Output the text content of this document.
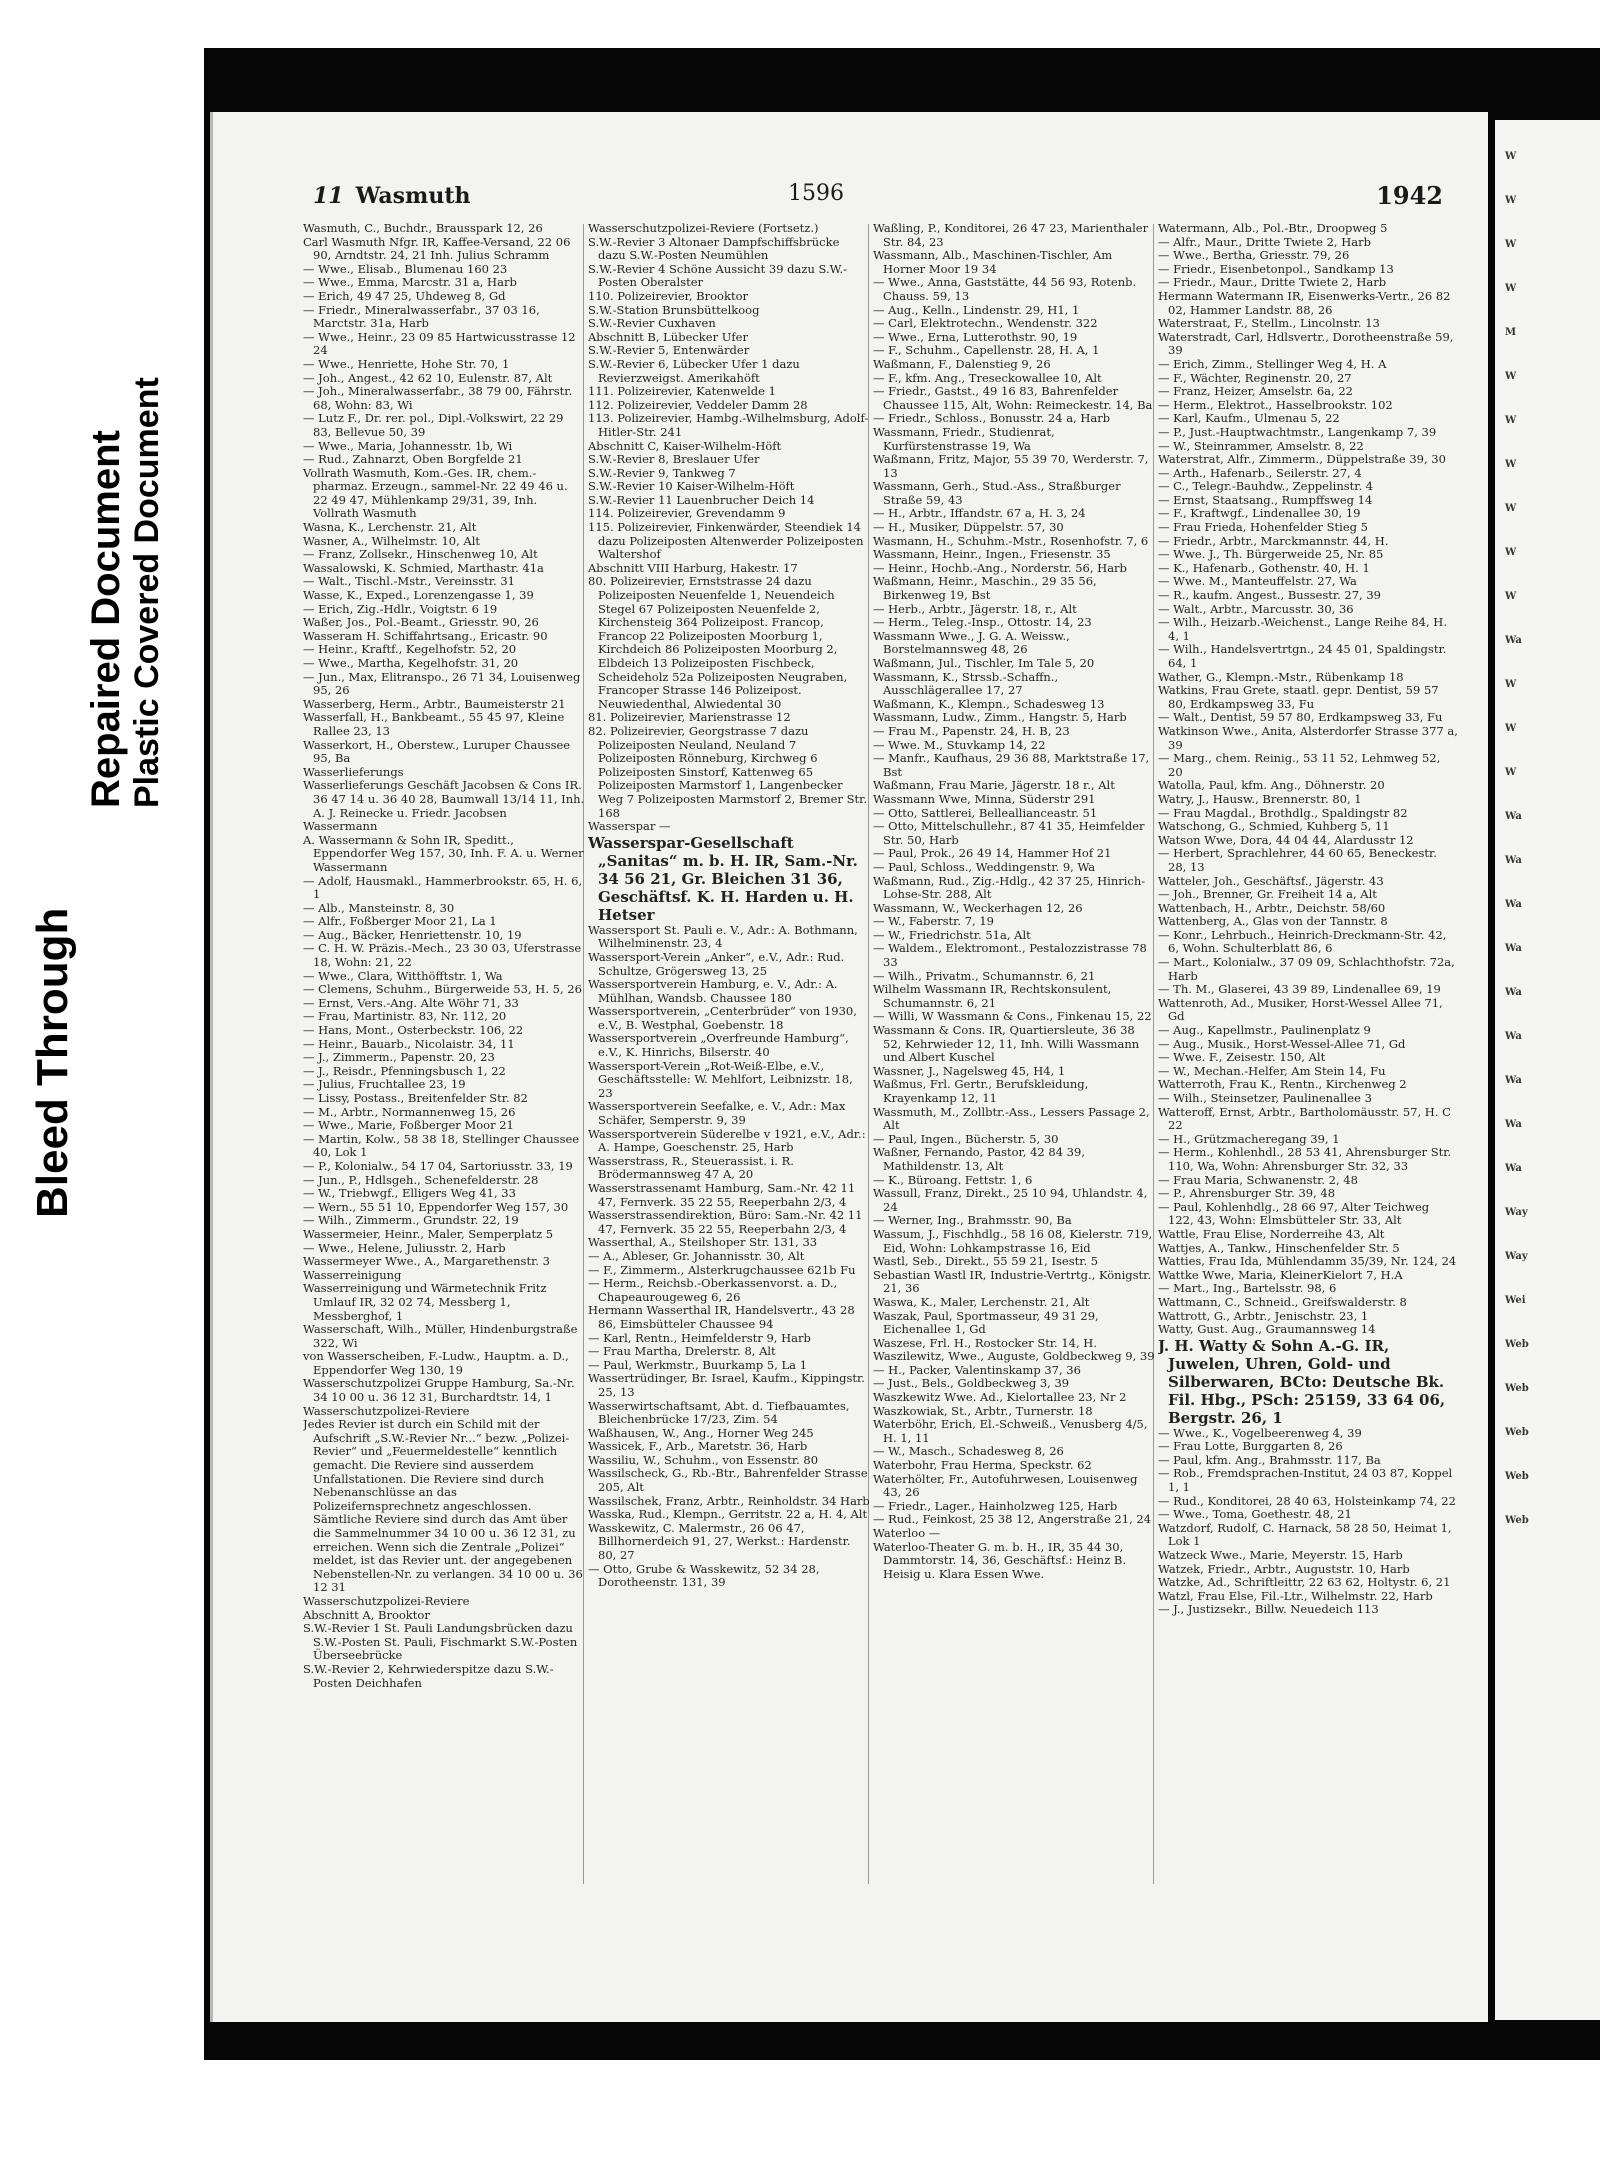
Bleed Through
Repaired Document Plastic Covered Document
11 Wasmuth	1596	1942

Wasmuth, C., Buchdr., Brausspark 12, 26

Carl Wasmuth Nfgr. IR, Kaffee-Versand, 22 06 90, Arndtstr. 24, 21 Inh. Julius Schramm

— Wwe., Elisab., Blumenau 160 23

— Wwe., Emma, Marcstr. 31 a, Harb

— Erich, 49 47 25, Uhdeweg 8, Gd

— Friedr., Mineralwasserfabr., 37 03 16, Marctstr. 31a, Harb

— Wwe., Heinr., 23 09 85 Hartwicusstrasse 12 24

— Wwe., Henriette, Hohe Str. 70, 1

— Joh., Angest., 42 62 10, Eulenstr. 87, Alt

— Joh., Mineralwasserfabr., 38 79 00, Fährstr. 68, Wohn: 83, Wi

— Lutz F., Dr. rer. pol., Dipl.-Volkswirt, 22 29 83, Bellevue 50, 39

— Wwe., Maria, Johannesstr. 1b, Wi

— Rud., Zahnarzt, Oben Borgfelde 21

Vollrath Wasmuth, Kom.-Ges. IR, chem.-pharmaz. Erzeugn., sammel-Nr. 22 49 46 u. 22 49 47, Mühlenkamp 29/31, 39, Inh. Vollrath Wasmuth

Wasna, K., Lerchenstr. 21, Alt

Wasner, A., Wilhelmstr. 10, Alt

— Franz, Zollsekr., Hinschenweg 10, Alt

Wassalowski, K. Schmied, Marthastr. 41a

— Walt., Tischl.-Mstr., Vereinsstr. 31

Wasse, K., Exped., Lorenzengasse 1, 39

— Erich, Zig.-Hdlr., Voigtstr. 6 19

Waßer, Jos., Pol.-Beamt., Griesstr. 90, 26

Wasseram H. Schiffahrtsang., Ericastr. 90

— Heinr., Kraftf., Kegelhofstr. 52, 20

— Wwe., Martha, Kegelhofstr. 31, 20

— Jun., Max, Elitranspo., 26 71 34, Louisenweg 95, 26

Wasserberg, Herm., Arbtr., Baumeisterstr 21

Wasserfall, H., Bankbeamt., 55 45 97, Kleine Rallee 23, 13

Wasserkort, H., Oberstew., Luruper Chaussee 95, Ba

Wasserlieferungs

Wasserlieferungs Geschäft Jacobsen & Cons IR. 36 47 14 u. 36 40 28, Baumwall 13/14 11, Inh. A. J. Reinecke u. Friedr. Jacobsen

Wassermann

A. Wassermann & Sohn IR, Speditt., Eppendorfer Weg 157, 30, Inh. F. A. u. Werner Wassermann

— Adolf, Hausmakl., Hammerbrookstr. 65, H. 6, 1

— Alb., Mansteinstr. 8, 30

— Alfr., Foßberger Moor 21, La 1

— Aug., Bäcker, Henriettenstr. 10, 19

— C. H. W. Präzis.-Mech., 23 30 03, Uferstrasse 18, Wohn: 21, 22

— Wwe., Clara, Witthöfftstr. 1, Wa

— Clemens, Schuhm., Bürgerweide 53, H. 5, 26

— Ernst, Vers.-Ang. Alte Wöhr 71, 33

— Frau, Martinistr. 83, Nr. 112, 20

— Hans, Mont., Osterbeckstr. 106, 22

— Heinr., Bauarb., Nicolaistr. 34, 11

— J., Zimmerm., Papenstr. 20, 23

— J., Reisdr., Pfenningsbusch 1, 22

— Julius, Fruchtallee 23, 19

— Lissy, Postass., Breitenfelder Str. 82

— M., Arbtr., Normannenweg 15, 26

— Wwe., Marie, Foßberger Moor 21

— Martin, Kolw., 58 38 18, Stellinger Chaussee 40, Lok 1

— P., Kolonialw., 54 17 04, Sartoriusstr. 33, 19

— Jun., P., Hdlsgeh., Schenefelderstr. 28

— W., Triebwgf., Elligers Weg 41, 33

— Wern., 55 51 10, Eppendorfer Weg 157, 30

— Wilh., Zimmerm., Grundstr. 22, 19

Wassermeier, Heinr., Maler, Semperplatz 5

— Wwe., Helene, Juliusstr. 2, Harb

Wassermeyer Wwe., A., Margarethenstr. 3

Wasserreinigung

Wasserreinigung und Wärmetechnik Fritz Umlauf IR, 32 02 74, Messberg 1, Messberghof, 1

Wasserschaft, Wilh., Müller, Hindenburgstraße 322, Wi

von Wasserscheiben, F.-Ludw., Hauptm. a. D., Eppendorfer Weg 130, 19

Wasserschutzpolizei Gruppe Hamburg, Sa.-Nr. 34 10 00 u. 36 12 31, Burchardtstr. 14, 1

Wasserschutzpolizei-Reviere

Jedes Revier ist durch ein Schild mit der Aufschrift „S.W.-Revier Nr...“ bezw. „Polizei-Revier“ und „Feuermeldestelle“ kenntlich gemacht. Die Reviere sind ausserdem Unfallstationen. Die Reviere sind durch Nebenanschlüsse an das Polizeifernsprechnetz angeschlossen. Sämtliche Reviere sind durch das Amt über die Sammelnummer 34 10 00 u. 36 12 31, zu erreichen. Wenn sich die Zentrale „Polizei“ meldet, ist das Revier unt. der angegebenen Nebenstellen-Nr. zu verlangen. 34 10 00 u. 36 12 31

Wasserschutzpolizei-Reviere

Abschnitt A, Brooktor

S.W.-Revier 1 St. Pauli Landungsbrücken dazu S.W.-Posten St. Pauli, Fischmarkt S.W.-Posten Überseebrücke

S.W.-Revier 2, Kehrwiederspitze dazu S.W.-Posten Deichhafen

Wasserschutzpolizei-Reviere (Fortsetz.)

S.W.-Revier 3 Altonaer Dampfschiffsbrücke dazu S.W.-Posten Neumühlen

S.W.-Revier 4 Schöne Aussicht 39 dazu S.W.-Posten Oberalster

110. Polizeirevier, Brooktor

S.W.-Station Brunsbüttelkoog

S.W.-Revier Cuxhaven

Abschnitt B, Lübecker Ufer

S.W.-Revier 5, Entenwärder

S.W.-Revier 6, Lübecker Ufer 1 dazu Revierzweigst. Amerikahöft

111. Polizeirevier, Katenwelde 1

112. Polizeirevier, Veddeler Damm 28

113. Polizeirevier, Hambg.-Wilhelmsburg, Adolf-Hitler-Str. 241

Abschnitt C, Kaiser-Wilhelm-Höft

S.W.-Revier 8, Breslauer Ufer

S.W.-Revier 9, Tankweg 7

S.W.-Revier 10 Kaiser-Wilhelm-Höft

S.W.-Revier 11 Lauenbrucher Deich 14

114. Polizeirevier, Grevendamm 9

115. Polizeirevier, Finkenwärder, Steendiek 14 dazu Polizeiposten Altenwerder Polizeiposten Waltershof

Abschnitt VIII Harburg, Hakestr. 17

80. Polizeirevier, Ernststrasse 24 dazu Polizeiposten Neuenfelde 1, Neuendeich Stegel 67 Polizeiposten Neuenfelde 2, Kirchensteig 364 Polizeipost. Francop, Francop 22 Polizeiposten Moorburg 1, Kirchdeich 86 Polizeiposten Moorburg 2, Elbdeich 13 Polizeiposten Fischbeck, Scheideholz 52a Polizeiposten Neugraben, Francoper Strasse 146 Polizeipost. Neuwiedenthal, Alwiedental 30

81. Polizeirevier, Marienstrasse 12

82. Polizeirevier, Georgstrasse 7 dazu Polizeiposten Neuland, Neuland 7 Polizeiposten Rönneburg, Kirchweg 6 Polizeiposten Sinstorf, Kattenweg 65 Polizeiposten Marmstorf 1, Langenbecker Weg 7 Polizeiposten Marmstorf 2, Bremer Str. 168

Wasserspar —

Wasserspar-Gesellschaft „Sanitas“ m. b. H. IR, Sam.-Nr. 34 56 21, Gr. Bleichen 31 36, Geschäftsf. K. H. Harden u. H. Hetser

Wassersport St. Pauli e. V., Adr.: A. Bothmann, Wilhelminenstr. 23, 4

Wassersport-Verein „Anker“, e.V., Adr.: Rud. Schultze, Grögersweg 13, 25

Wassersportverein Hamburg, e. V., Adr.: A. Mühlhan, Wandsb. Chaussee 180

Wassersportverein, „Centerbrüder“ von 1930, e.V., B. Westphal, Goebenstr. 18

Wassersportverein „Overfreunde Hamburg“, e.V., K. Hinrichs, Bilserstr. 40

Wassersport-Verein „Rot-Weiß-Elbe, e.V., Geschäftsstelle: W. Mehlfort, Leibnizstr. 18, 23

Wassersportverein Seefalke, e. V., Adr.: Max Schäfer, Semperstr. 9, 39

Wassersportverein Süderelbe v 1921, e.V., Adr.: A. Hampe, Goeschenstr. 25, Harb

Wasserstrass, R., Steuerassist. i. R. Brödermannsweg 47 A, 20

Wasserstrassenamt Hamburg, Sam.-Nr. 42 11 47, Fernverk. 35 22 55, Reeperbahn 2/3, 4

Wasserstrassendirektion, Büro: Sam.-Nr. 42 11 47, Fernverk. 35 22 55, Reeperbahn 2/3, 4

Wasserthal, A., Steilshoper Str. 131, 33

— A., Ableser, Gr. Johannisstr. 30, Alt

— F., Zimmerm., Alsterkrugchaussee 621b Fu

— Herm., Reichsb.-Oberkassenvorst. a. D., Chapeaurougeweg 6, 26

Hermann Wasserthal IR, Handelsvertr., 43 28 86, Eimsbütteler Chaussee 94

— Karl, Rentn., Heimfelderstr 9, Harb

— Frau Martha, Drelerstr. 8, Alt

— Paul, Werkmstr., Buurkamp 5, La 1

Wassertrüdinger, Br. Israel, Kaufm., Kippingstr. 25, 13

Wasserwirtschaftsamt, Abt. d. Tiefbauamtes, Bleichenbrücke 17/23, Zim. 54

Waßhausen, W., Ang., Horner Weg 245

Wassicek, F., Arb., Maretstr. 36, Harb

Wassiliu, W., Schuhm., von Essenstr. 80

Wassilscheck, G., Rb.-Btr., Bahrenfelder Strasse 205, Alt

Wassilschek, Franz, Arbtr., Reinholdstr. 34 Harb

Wasska, Rud., Klempn., Gerritstr. 22 a, H. 4, Alt

Wasskewitz, C. Malermstr., 26 06 47, Billhornerdeich 91, 27, Werkst.: Hardenstr. 80, 27

— Otto, Grube & Wasskewitz, 52 34 28, Dorotheenstr. 131, 39

Waßling, P., Konditorei, 26 47 23, Marienthaler Str. 84, 23

Wassmann, Alb., Maschinen-Tischler, Am Horner Moor 19 34

— Wwe., Anna, Gaststätte, 44 56 93, Rotenb. Chauss. 59, 13

— Aug., Kelln., Lindenstr. 29, H1, 1

— Carl, Elektrotechn., Wendenstr. 322

— Wwe., Erna, Lutterothstr. 90, 19

— F., Schuhm., Capellenstr. 28, H. A, 1

Waßmann, F., Dalenstieg 9, 26

— F., kfm. Ang., Treseckowallee 10, Alt

— Friedr., Gastst., 49 16 83, Bahrenfelder Chaussee 115, Alt, Wohn: Reimeckestr. 14, Ba

— Friedr., Schloss., Bonusstr. 24 a, Harb

Wassmann, Friedr., Studienrat, Kurfürstenstrasse 19, Wa

Waßmann, Fritz, Major, 55 39 70, Werderstr. 7, 13

Wassmann, Gerh., Stud.-Ass., Straßburger Straße 59, 43

— H., Arbtr., Iffandstr. 67 a, H. 3, 24

— H., Musiker, Düppelstr. 57, 30

Wasmann, H., Schuhm.-Mstr., Rosenhofstr. 7, 6

Wassmann, Heinr., Ingen., Friesenstr. 35

— Heinr., Hochb.-Ang., Norderstr. 56, Harb

Waßmann, Heinr., Maschin., 29 35 56, Birkenweg 19, Bst

— Herb., Arbtr., Jägerstr. 18, r., Alt

— Herm., Teleg.-Insp., Ottostr. 14, 23

Wassmann Wwe., J. G. A. Weissw., Borstelmannsweg 48, 26

Waßmann, Jul., Tischler, Im Tale 5, 20

Wassmann, K., Strssb.-Schaffn., Ausschlägerallee 17, 27

Waßmann, K., Klempn., Schadesweg 13

Wassmann, Ludw., Zimm., Hangstr. 5, Harb

— Frau M., Papenstr. 24, H. B, 23

— Wwe. M., Stuvkamp 14, 22

— Manfr., Kaufhaus, 29 36 88, Marktstraße 17, Bst

Waßmann, Frau Marie, Jägerstr. 18 r., Alt

Wassmann Wwe, Minna, Süderstr 291

— Otto, Sattlerei, Belleallianceastr. 51

— Otto, Mittelschullehr., 87 41 35, Heimfelder Str. 50, Harb

— Paul, Prok., 26 49 14, Hammer Hof 21

— Paul, Schloss., Weddingenstr. 9, Wa

Waßmann, Rud., Zig.-Hdlg., 42 37 25, Hinrich-Lohse-Str. 288, Alt

Wassmann, W., Weckerhagen 12, 26

— W., Faberstr. 7, 19

— W., Friedrichstr. 51a, Alt

— Waldem., Elektromont., Pestalozzistrasse 78 33

— Wilh., Privatm., Schumannstr. 6, 21

Wilhelm Wassmann IR, Rechtskonsulent, Schumannstr. 6, 21

— Willi, W Wassmann & Cons., Finkenau 15, 22

Wassmann & Cons. IR, Quartiersleute, 36 38 52, Kehrwieder 12, 11, Inh. Willi Wassmann und Albert Kuschel

Wassner, J., Nagelsweg 45, H4, 1

Waßmus, Frl. Gertr., Berufskleidung, Krayenkamp 12, 11

Wassmuth, M., Zollbtr.-Ass., Lessers Passage 2, Alt

— Paul, Ingen., Bücherstr. 5, 30

Waßner, Fernando, Pastor, 42 84 39, Mathildenstr. 13, Alt

— K., Büroang. Fettstr. 1, 6

Wassull, Franz, Direkt., 25 10 94, Uhlandstr. 4, 24

— Werner, Ing., Brahmsstr. 90, Ba

Wassum, J., Fischhdlg., 58 16 08, Kielerstr. 719, Eid, Wohn: Lohkampstrasse 16, Eid

Wastl, Seb., Direkt., 55 59 21, Isestr. 5

Sebastian Wastl IR, Industrie-Vertrtg., Königstr. 21, 36

Waswa, K., Maler, Lerchenstr. 21, Alt

Waszak, Paul, Sportmasseur, 49 31 29, Eichenallee 1, Gd

Waszese, Frl. H., Rostocker Str. 14, H.

Waszilewitz, Wwe., Auguste, Goldbeckweg 9, 39

— H., Packer, Valentinskamp 37, 36

— Just., Bels., Goldbeckweg 3, 39

Waszkewitz Wwe. Ad., Kielortallee 23, Nr 2

Waszkowiak, St., Arbtr., Turnerstr. 18

Waterböhr, Erich, El.-Schweiß., Venusberg 4/5, H. 1, 11

— W., Masch., Schadesweg 8, 26

Waterbohr, Frau Herma, Speckstr. 62

Waterhölter, Fr., Autofuhrwesen, Louisenweg 43, 26

— Friedr., Lager., Hainholzweg 125, Harb

— Rud., Feinkost, 25 38 12, Angerstraße 21, 24

Waterloo —

Waterloo-Theater G. m. b. H., IR, 35 44 30, Dammtorstr. 14, 36, Geschäftsf.: Heinz B. Heisig u. Klara Essen Wwe.

Watermann, Alb., Pol.-Btr., Droopweg 5

— Alfr., Maur., Dritte Twiete 2, Harb

— Wwe., Bertha, Griesstr. 79, 26

— Friedr., Eisenbetonpol., Sandkamp 13

— Friedr., Maur., Dritte Twiete 2, Harb

Hermann Watermann IR, Eisenwerks-Vertr., 26 82 02, Hammer Landstr. 88, 26

Waterstraat, F., Stellm., Lincolnstr. 13

Waterstradt, Carl, Hdlsvertr., Dorotheenstraße 59, 39

— Erich, Zimm., Stellinger Weg 4, H. A

— F., Wächter, Reginenstr. 20, 27

— Franz, Heizer, Amselstr. 6a, 22

— Herm., Elektrot., Hasselbrookstr. 102

— Karl, Kaufm., Ulmenau 5, 22

— P., Just.-Hauptwachtmstr., Langenkamp 7, 39

— W., Steinrammer, Amselstr. 8, 22

Waterstrat, Alfr., Zimmerm., Düppelstraße 39, 30

— Arth., Hafenarb., Seilerstr. 27, 4

— C., Telegr.-Bauhdw., Zeppelinstr. 4

— Ernst, Staatsang., Rumpffsweg 14

— F., Kraftwgf., Lindenallee 30, 19

— Frau Frieda, Hohenfelder Stieg 5

— Friedr., Arbtr., Marckmannstr. 44, H.

— Wwe. J., Th. Bürgerweide 25, Nr. 85

— K., Hafenarb., Gothenstr. 40, H. 1

— Wwe. M., Manteuffelstr. 27, Wa

— R., kaufm. Angest., Bussestr. 27, 39

— Walt., Arbtr., Marcusstr. 30, 36

— Wilh., Heizarb.-Weichenst., Lange Reihe 84, H. 4, 1

— Wilh., Handelsvertrtgn., 24 45 01, Spaldingstr. 64, 1

Wather, G., Klempn.-Mstr., Rübenkamp 18

Watkins, Frau Grete, staatl. gepr. Dentist, 59 57 80, Erdkampsweg 33, Fu

— Walt., Dentist, 59 57 80, Erdkampsweg 33, Fu

Watkinson Wwe., Anita, Alsterdorfer Strasse 377 a, 39

— Marg., chem. Reinig., 53 11 52, Lehmweg 52, 20

Watolla, Paul, kfm. Ang., Döhnerstr. 20

Watry, J., Hausw., Brennerstr. 80, 1

— Frau Magdal., Brothdlg., Spaldingstr 82

Watschong, G., Schmied, Kuhberg 5, 11

Watson Wwe, Dora, 44 04 44, Alardusstr 12

— Herbert, Sprachlehrer, 44 60 65, Beneckestr. 28, 13

Watteler, Joh., Geschäftsf., Jägerstr. 43

— Joh., Brenner, Gr. Freiheit 14 a, Alt

Wattenbach, H., Arbtr., Deichstr. 58/60

Wattenberg, A., Glas von der Tannstr. 8

— Konr., Lehrbuch., Heinrich-Dreckmann-Str. 42, 6, Wohn. Schulterblatt 86, 6

— Mart., Kolonialw., 37 09 09, Schlachthofstr. 72a, Harb

— Th. M., Glaserei, 43 39 89, Lindenallee 69, 19

Wattenroth, Ad., Musiker, Horst-Wessel Allee 71, Gd

— Aug., Kapellmstr., Paulinenplatz 9

— Aug., Musik., Horst-Wessel-Allee 71, Gd

— Wwe. F., Zeisestr. 150, Alt

— W., Mechan.-Helfer, Am Stein 14, Fu

Watterroth, Frau K., Rentn., Kirchenweg 2

— Wilh., Steinsetzer, Paulinenallee 3

Watteroff, Ernst, Arbtr., Bartholomäusstr. 57, H. C 22

— H., Grützmacheregang 39, 1

— Herm., Kohlenhdl., 28 53 41, Ahrensburger Str. 110, Wa, Wohn: Ahrensburger Str. 32, 33

— Frau Maria, Schwanenstr. 2, 48

— P., Ahrensburger Str. 39, 48

— Paul, Kohlenhdlg., 28 66 97, Alter Teichweg 122, 43, Wohn: Elmsbütteler Str. 33, Alt

Wattle, Frau Elise, Norderreihe 43, Alt

Wattjes, A., Tankw., Hinschenfelder Str. 5

Watties, Frau Ida, Mühlendamm 35/39, Nr. 124, 24

Wattke Wwe, Maria, KleinerKielort 7, H.A

— Mart., Ing., Bartelsstr. 98, 6

Wattmann, C., Schneid., Greifswalderstr. 8

Wattrott, G., Arbtr., Jenischstr. 23, 1

Watty, Gust. Aug., Graumannsweg 14

J. H. Watty & Sohn A.-G. IR, Juwelen, Uhren, Gold- und Silberwaren, BCto: Deutsche Bk. Fil. Hbg., PSch: 25159, 33 64 06, Bergstr. 26, 1

— Wwe., K., Vogelbeerenweg 4, 39

— Frau Lotte, Burggarten 8, 26

— Paul, kfm. Ang., Brahmsstr. 117, Ba

— Rob., Fremdsprachen-Institut, 24 03 87, Koppel 1, 1

— Rud., Konditorei, 28 40 63, Holsteinkamp 74, 22

— Wwe., Toma, Goethestr. 48, 21

Watzdorf, Rudolf, C. Harnack, 58 28 50, Heimat 1, Lok 1

Watzeck Wwe., Marie, Meyerstr. 15, Harb

Watzek, Friedr., Arbtr., Auguststr. 10, Harb

Watzke, Ad., Schriftleittr, 22 63 62, Holtystr. 6, 21

Watzl, Frau Else, Fil.-Ltr., Wilhelmstr. 22, Harb

— J., Justizsekr., Billw. Neuedeich 113

W
W
W
W
M
W
W
W
W
W
W
Wa
W
W
W
Wa
Wa
Wa
Wa
Wa
Wa
Wa
Wa
Wa
Way
Way
Wei
Web
Web
Web
Web
Web
